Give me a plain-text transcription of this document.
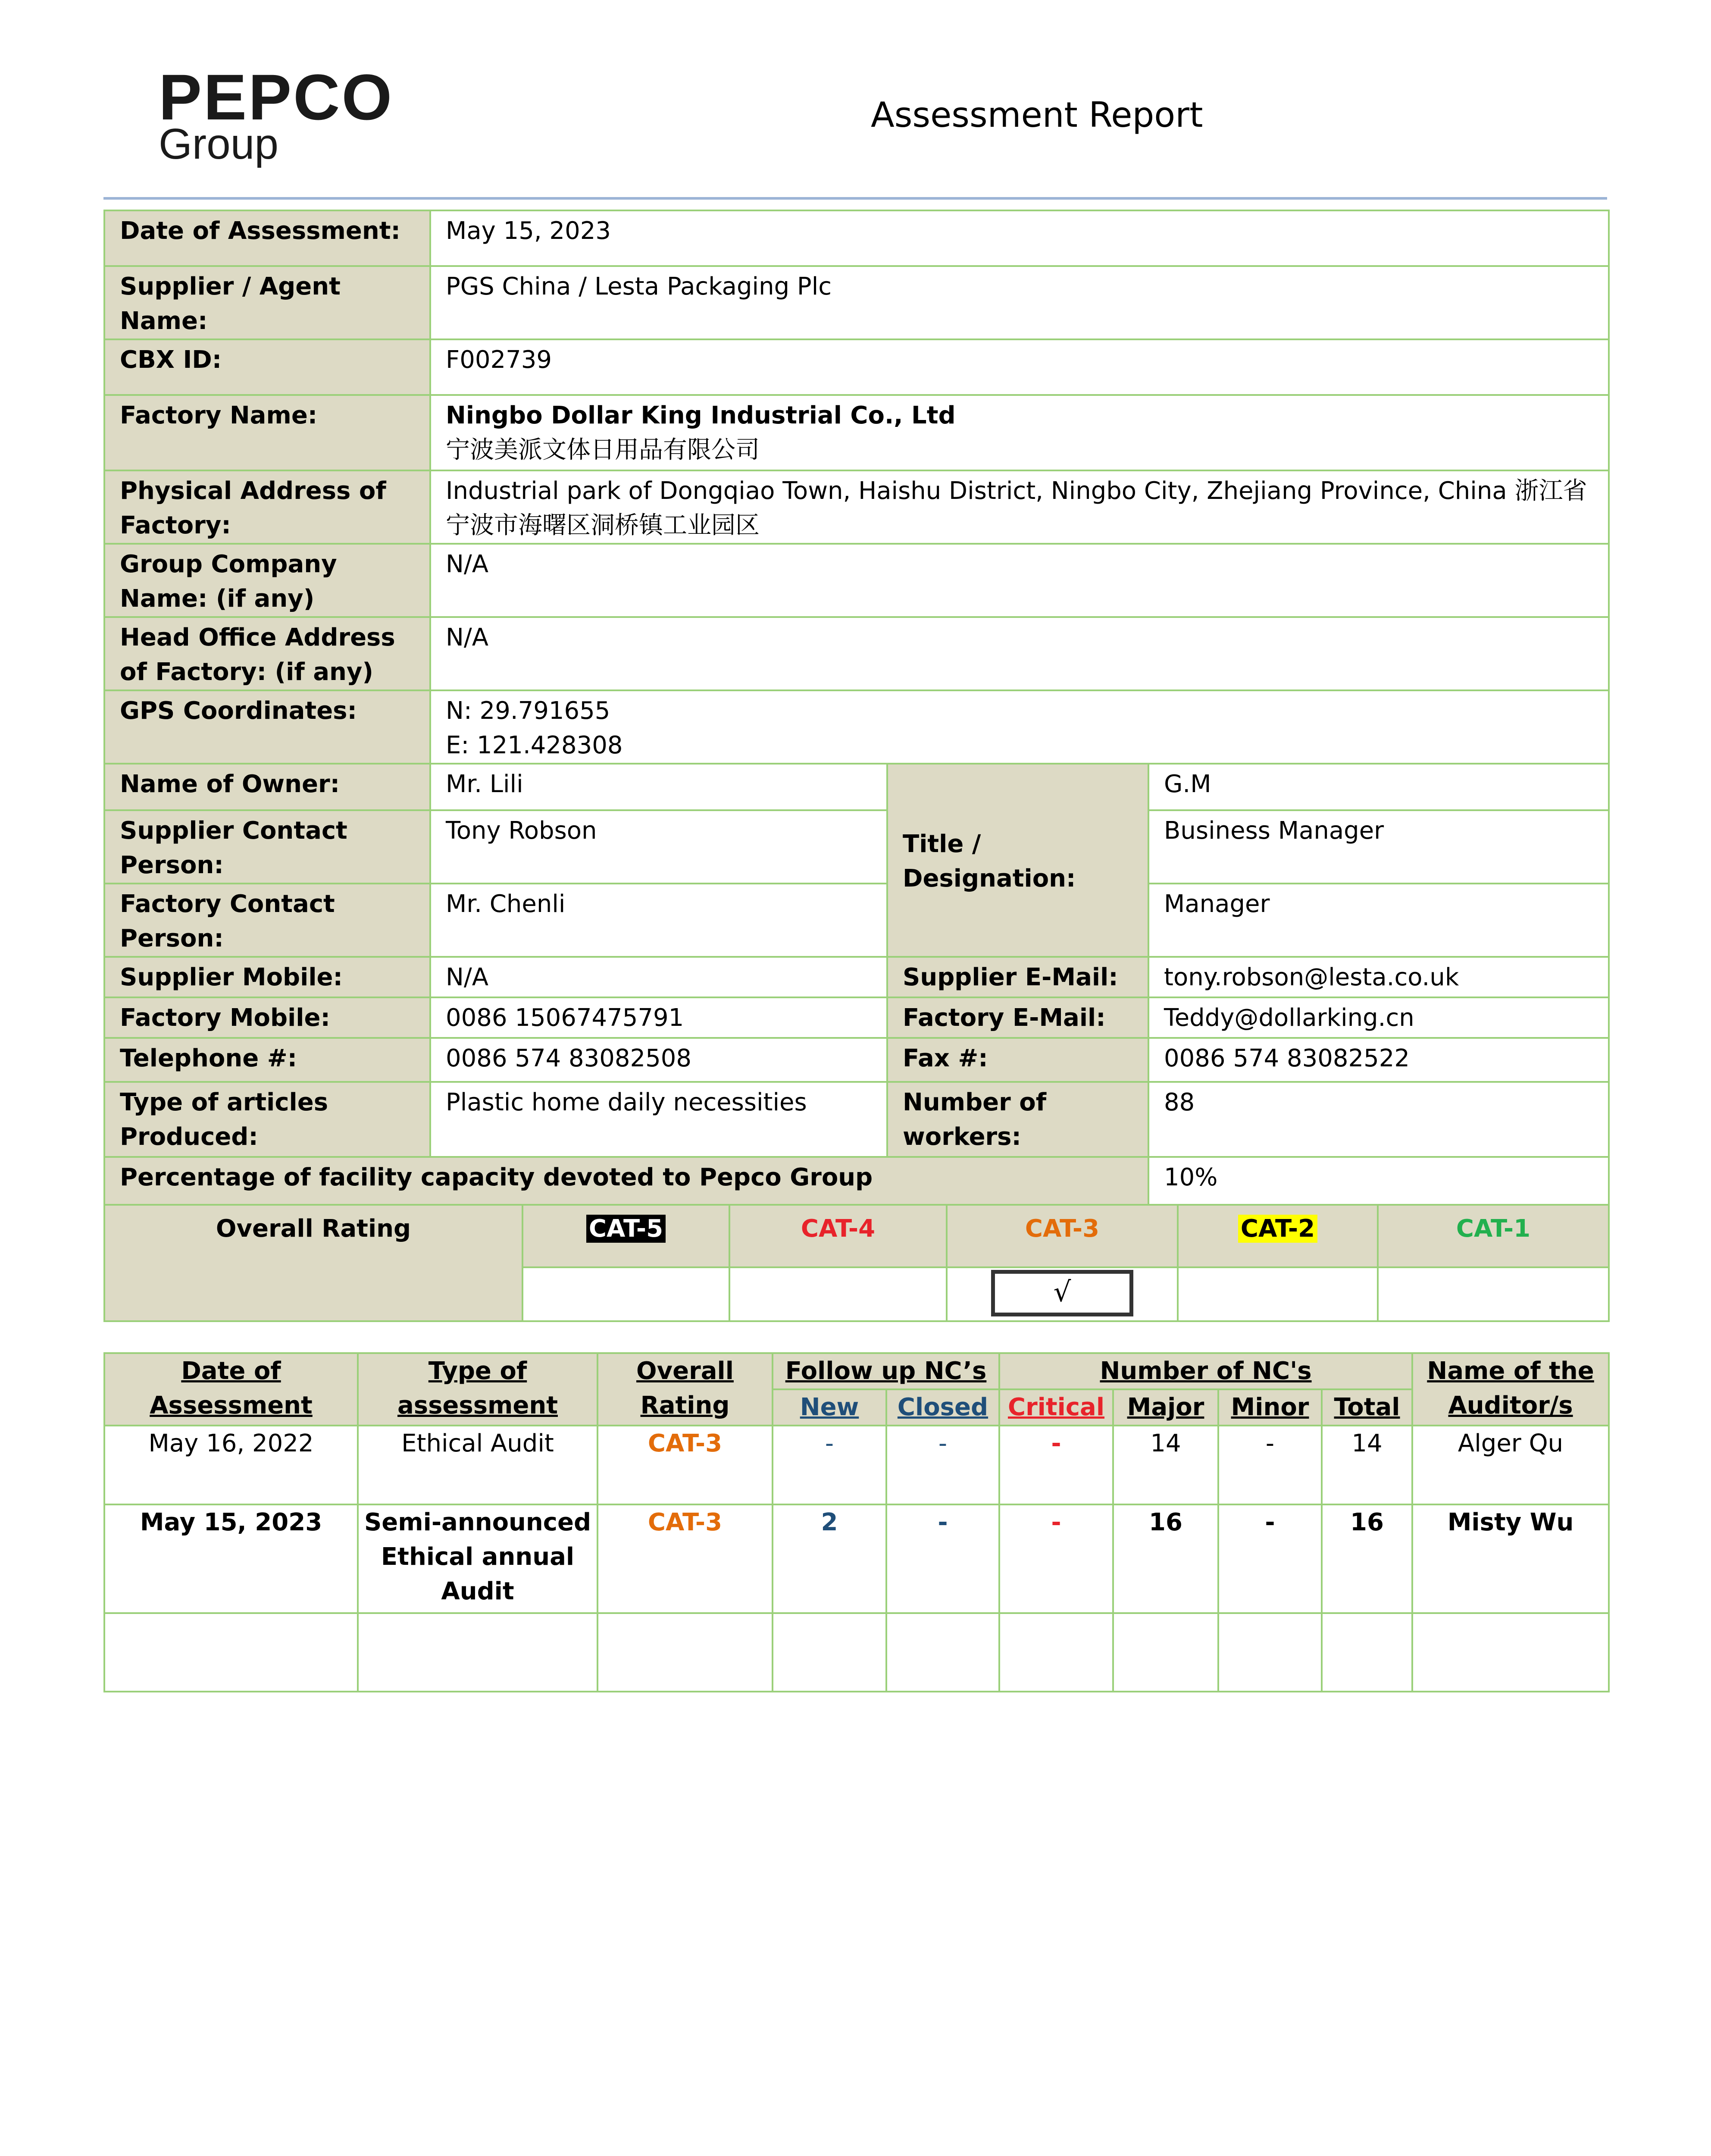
PEPCO
Group
Assessment Report
Date of Assessment:	May 15, 2023		
Supplier / Agent Name:	PGS China / Lesta Packaging Plc		
CBX ID:	F002739		
Factory Name:	Ningbo Dollar King Industrial Co., Ltd
宁波美派文体日用品有限公司		

Physical Address of Factory:	Industrial park of Dongqiao Town, Haishu District, Ningbo City, Zhejiang Province, China 浙江省宁波市海曙区洞桥镇工业园区		
Group Company Name: (if any)	N/A		
Head Office Address of Factory: (if any)	N/A		
GPS Coordinates:	N: 29.791655
E: 121.428308		

Name of Owner:	Mr. Lili	Title / Designation:	G.M
Supplier Contact Person:	Tony Robson		Business Manager
Factory Contact Person:	Mr. Chenli		Manager
Supplier Mobile:	N/A	Supplier E-Mail:	tony.robson@lesta.co.uk
Factory Mobile:	0086 15067475791	Factory E-Mail:	Teddy@dollarking.cn
Telephone #:	0086 574 83082508	Fax #:	0086 574 83082522
Type of articles Produced:	Plastic home daily necessities	Number of workers:	88
Percentage of facility capacity devoted to Pepco Group			10%
Overall Rating	CAT-5	CAT-4	CAT-3	CAT-2	CAT-1
			√		
Date of Assessment	Type of assessment	Overall Rating	Follow up NC’s		Number of NC's				Name of the Auditor/s
			New	Closed	Critical	Major	Minor	Total	
May 16, 2022	Ethical Audit	CAT-3	-	-	-	14	-	14	Alger Qu
May 15, 2023	Semi-announced Ethical annual Audit	CAT-3	2	-	-	16	-	16	Misty Wu
